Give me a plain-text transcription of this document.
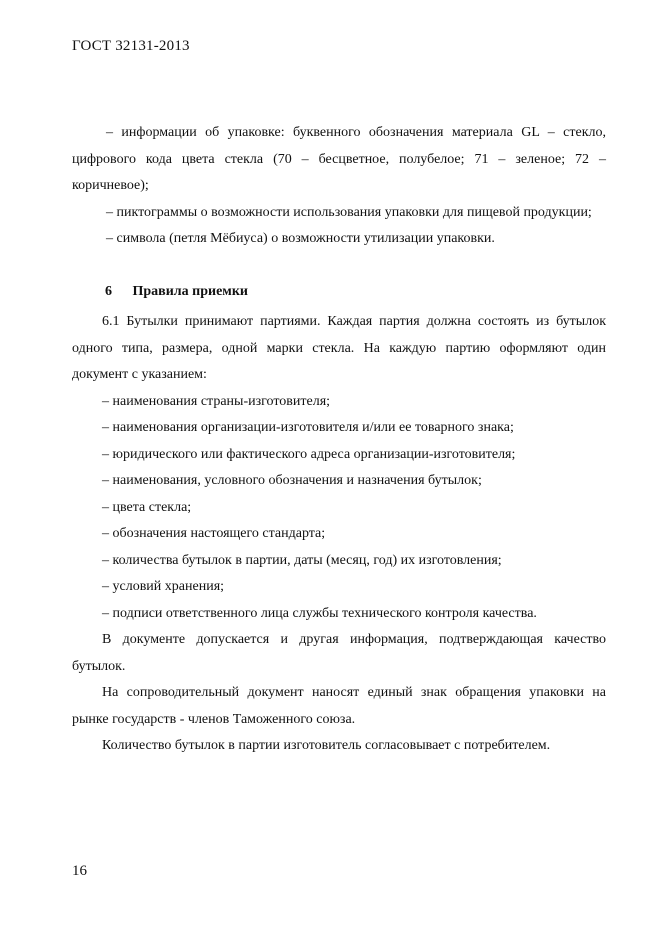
ГОСТ 32131-2013

– информации об упаковке: буквенного обозначения материала GL – стекло, цифрового кода цвета стекла (70 – бесцветное, полубелое; 71 – зеленое; 72 – коричневое);

– пиктограммы о возможности использования упаковки для пищевой продукции;

– символа (петля Мёбиуса) о возможности утилизации упаковки.

6 Правила приемки

6.1 Бутылки принимают партиями. Каждая партия должна состоять из бутылок одного типа, размера, одной марки стекла. На каждую партию оформляют один документ с указанием:

– наименования страны-изготовителя;

– наименования организации-изготовителя и/или ее товарного знака;

– юридического или фактического адреса организации-изготовителя;

– наименования, условного обозначения и назначения бутылок;

– цвета стекла;

– обозначения настоящего стандарта;

– количества бутылок в партии, даты (месяц, год) их изготовления;

– условий хранения;

– подписи ответственного лица службы технического контроля качества.

В документе допускается и другая информация, подтверждающая качество бутылок.

На сопроводительный документ наносят единый знак обращения упаковки на рынке государств - членов Таможенного союза.

Количество бутылок в партии изготовитель согласовывает с потребителем.

16
